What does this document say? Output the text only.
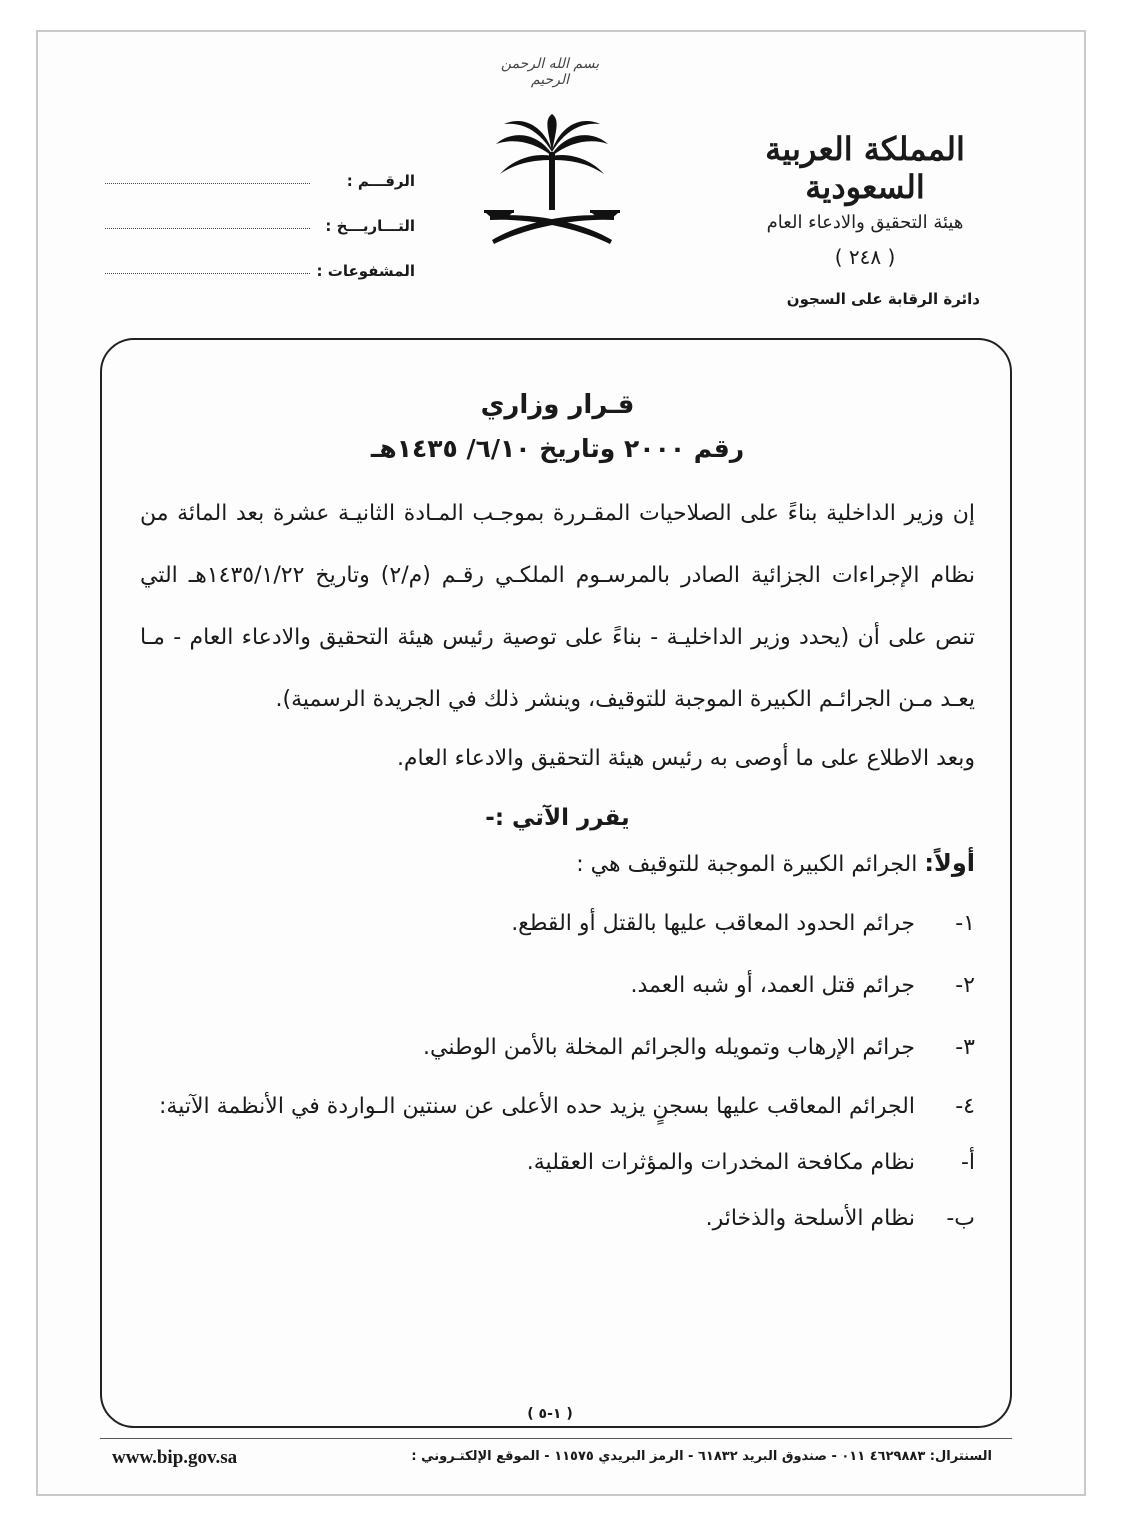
بسم الله الرحمن الرحيم
الرقـــم :
التـــاريـــخ :
المشفوعات :
المملكة العربية السعودية
هيئة التحقيق والادعاء العام
( ٢٤٨ )
دائرة الرقابة على السجون
قـرار وزاري
رقم ٢٠٠٠ وتاريخ ٦/١٠/ ١٤٣٥هـ

إن وزير الداخلية بناءً على الصلاحيات المقـررة بموجـب المـادة الثانيـة عشرة بعد المائة من نظام الإجراءات الجزائية الصادر بالمرسـوم الملكـي رقـم (م/٢) وتاريخ ١٤٣٥/١/٢٢هـ التي تنص على أن (يحدد وزير الداخليـة - بناءً على توصية رئيس هيئة التحقيق والادعاء العام - مـا يعـد مـن الجرائـم الكبيرة الموجبة للتوقيف، وينشر ذلك في الجريدة الرسمية).

وبعد الاطلاع على ما أوصى به رئيس هيئة التحقيق والادعاء العام.

يقرر الآتي :-
أولاً: الجرائم الكبيرة الموجبة للتوقيف هي :
١-
جرائم الحدود المعاقب عليها بالقتل أو القطع.
٢-
جرائم قتل العمد، أو شبه العمد.
٣-
جرائم الإرهاب وتمويله والجرائم المخلة بالأمن الوطني.
٤-
الجرائم المعاقب عليها بسجنٍ يزيد حده الأعلى عن سنتين الـواردة في الأنظمة الآتية:
أ-
نظام مكافحة المخدرات والمؤثرات العقلية.
ب-
نظام الأسلحة والذخائر.
( ١-٥ )
www.bip.gov.sa	السنترال: ٤٦٢٩٨٨٣ ٠١١ - صندوق البريد ٦١٨٣٢ - الرمز البريدي ١١٥٧٥ - الموقع الإلكتـروني :
